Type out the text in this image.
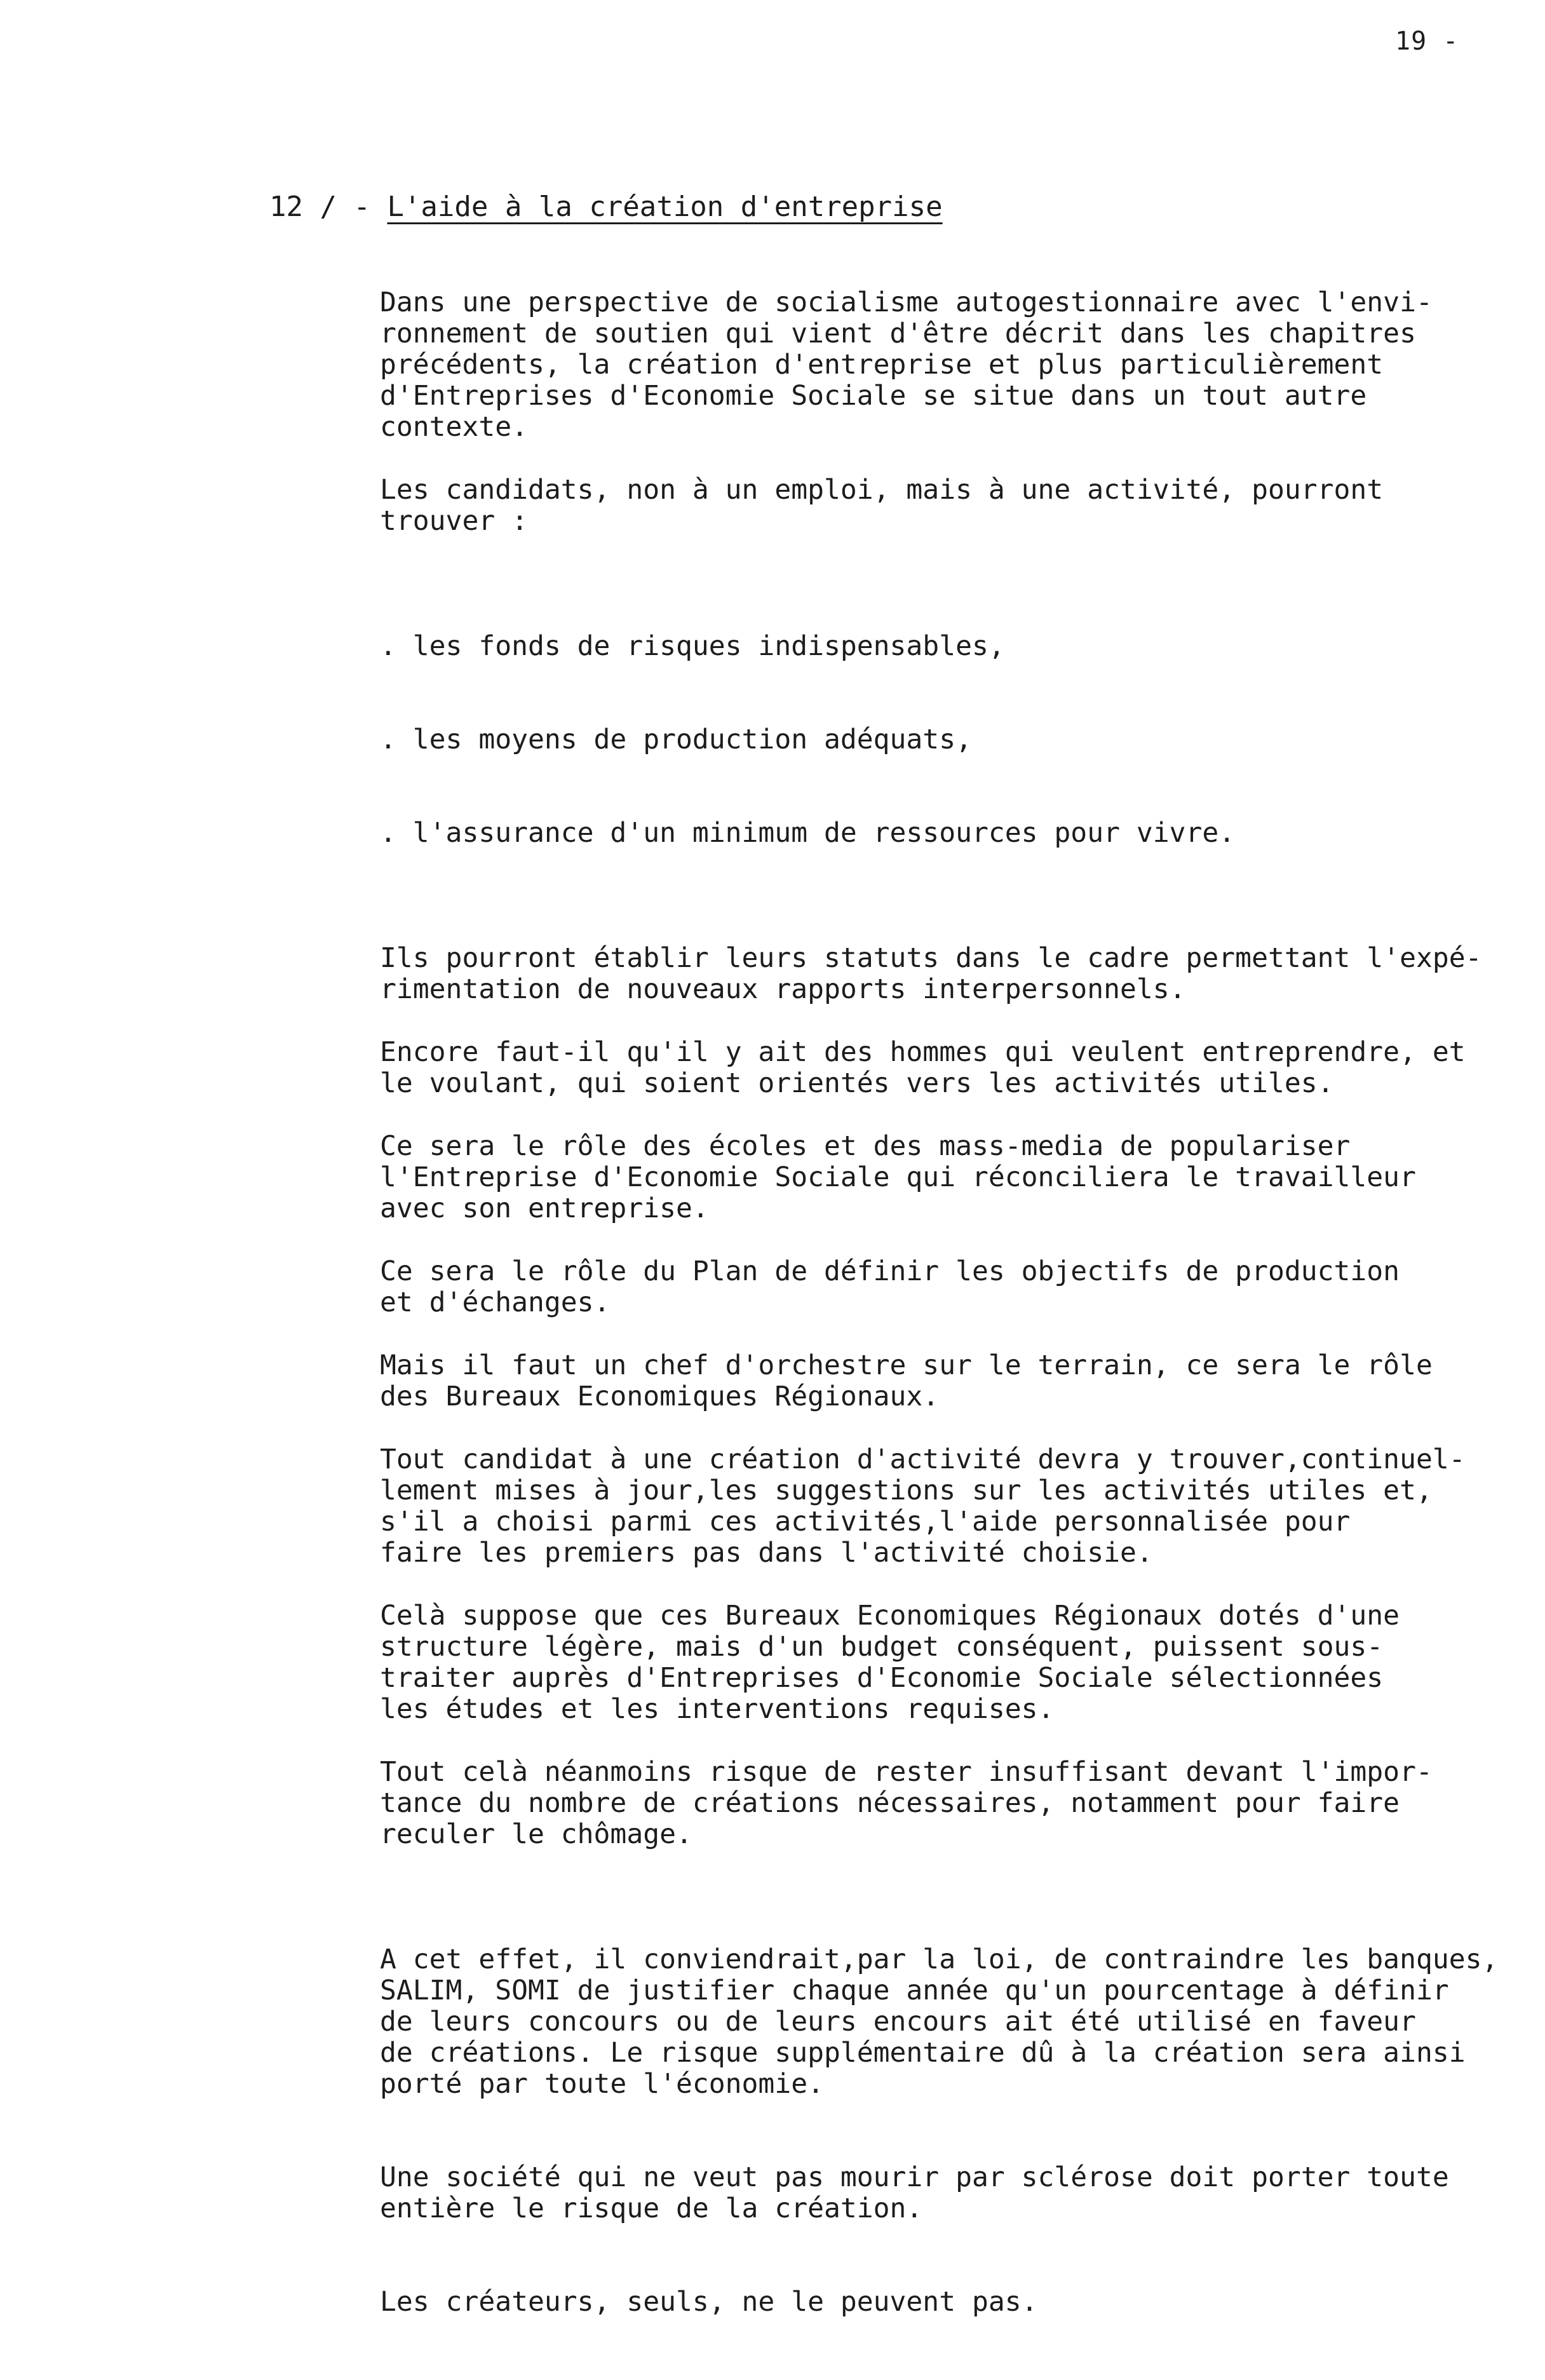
19 -
12 / - L'aide à la création d'entreprise

Dans une perspective de socialisme autogestionnaire avec l'envi-
ronnement de soutien qui vient d'être décrit dans les chapitres
précédents, la création d'entreprise et plus particulièrement
d'Entreprises d'Economie Sociale se situe dans un tout autre
contexte.

Les candidats, non à un emploi, mais à une activité, pourront
trouver :

. les fonds de risques indispensables,

. les moyens de production adéquats,

. l'assurance d'un minimum de ressources pour vivre.

Ils pourront établir leurs statuts dans le cadre permettant l'expé-
rimentation de nouveaux rapports interpersonnels.

Encore faut-il qu'il y ait des hommes qui veulent entreprendre, et
le voulant, qui soient orientés vers les activités utiles.

Ce sera le rôle des écoles et des mass-media de populariser
l'Entreprise d'Economie Sociale qui réconciliera le travailleur
avec son entreprise.

Ce sera le rôle du Plan de définir les objectifs de production
et d'échanges.

Mais il faut un chef d'orchestre sur le terrain, ce sera le rôle
des Bureaux Economiques Régionaux.

Tout candidat à une création d'activité devra y trouver,continuel-
lement mises à jour,les suggestions sur les activités utiles et,
s'il a choisi parmi ces activités,l'aide personnalisée pour
faire les premiers pas dans l'activité choisie.

Celà suppose que ces Bureaux Economiques Régionaux dotés d'une
structure légère, mais d'un budget conséquent, puissent sous-
traiter auprès d'Entreprises d'Economie Sociale sélectionnées
les études et les interventions requises.

Tout celà néanmoins risque de rester insuffisant devant l'impor-
tance du nombre de créations nécessaires, notamment pour faire
reculer le chômage.

A cet effet, il conviendrait,par la loi, de contraindre les banques,
SALIM, SOMI de justifier chaque année qu'un pourcentage à définir
de leurs concours ou de leurs encours ait été utilisé en faveur
de créations. Le risque supplémentaire dû à la création sera ainsi
porté par toute l'économie.

Une société qui ne veut pas mourir par sclérose doit porter toute
entière le risque de la création.

Les créateurs, seuls, ne le peuvent pas.
